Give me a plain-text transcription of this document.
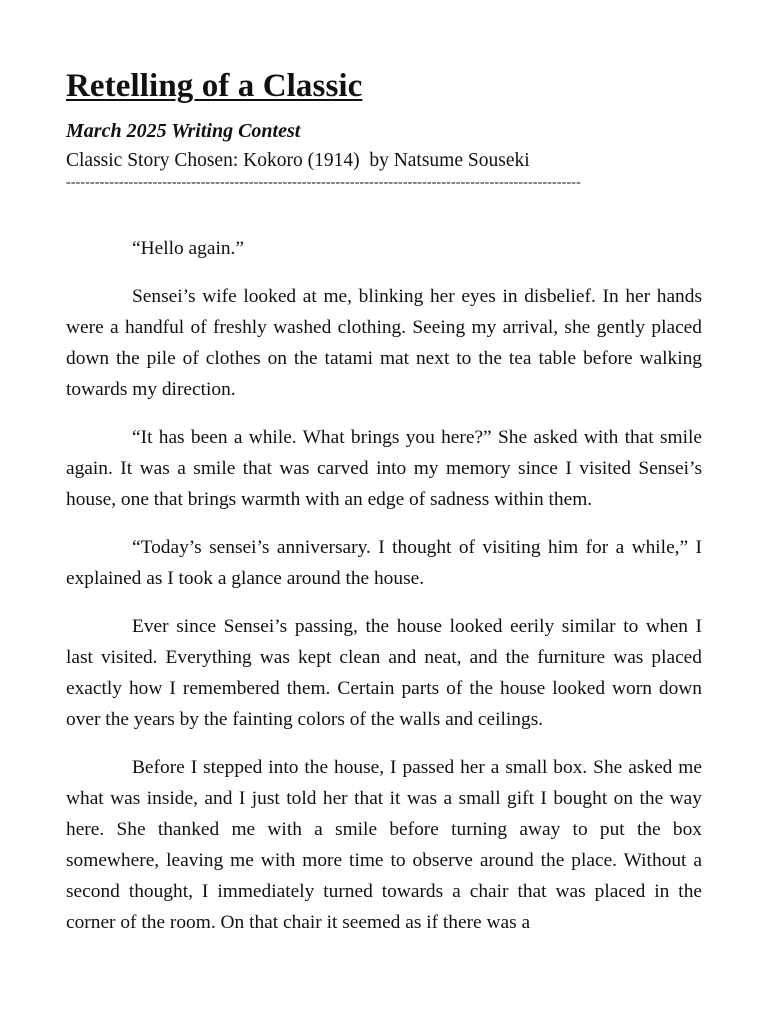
Retelling of a Classic

March 2025 Writing Contest

Classic Story Chosen: Kokoro (1914)  by Natsume Souseki

-----------------------------------------------------------------------------------------------------------

“Hello again.”

Sensei’s wife looked at me, blinking her eyes in disbelief. In her hands were a handful of freshly washed clothing. Seeing my arrival, she gently placed down the pile of clothes on the tatami mat next to the tea table before walking towards my direction.

“It has been a while. What brings you here?” She asked with that smile again. It was a smile that was carved into my memory since I visited Sensei’s house, one that brings warmth with an edge of sadness within them.

“Today’s sensei’s anniversary. I thought of visiting him for a while,” I explained as I took a glance around the house.

Ever since Sensei’s passing, the house looked eerily similar to when I last visited. Everything was kept clean and neat, and the furniture was placed exactly how I remembered them. Certain parts of the house looked worn down over the years by the fainting colors of the walls and ceilings.

Before I stepped into the house, I passed her a small box. She asked me what was inside, and I just told her that it was a small gift I bought on the way here. She thanked me with a smile before turning away to put the box somewhere, leaving me with more time to observe around the place. Without a second thought, I immediately turned towards a chair that was placed in the corner of the room. On that chair it seemed as if there was a
